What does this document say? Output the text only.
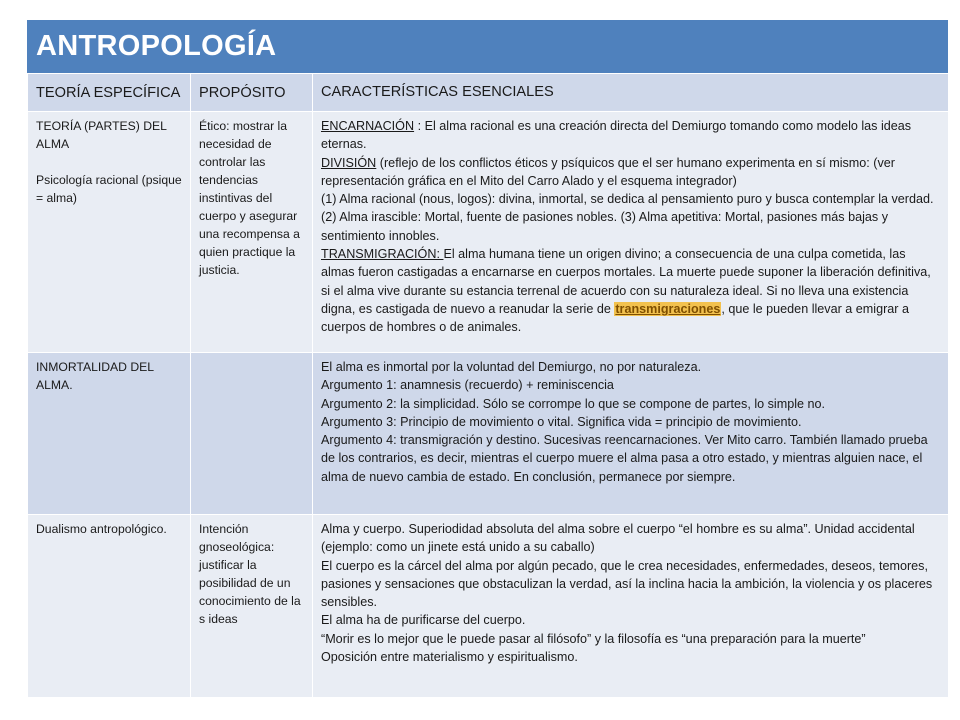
ANTROPOLOGÍA
TEORÍA ESPECÍFICA	PROPÓSITO	CARACTERÍSTICAS ESENCIALES

TEORÍA (PARTES) DEL ALMA
Psicología racional (psique = alma)	Ético: mostrar la necesidad de controlar las tendencias instintivas del cuerpo y asegurar una recompensa a quien practique la justicia.	ENCARNACIÓN : El alma racional es una creación directa del Demiurgo tomando como modelo las ideas eternas.
DIVISIÓN (reflejo de los conflictos éticos y psíquicos que el ser humano experimenta en sí mismo: (ver representación gráfica en el Mito del Carro Alado y el esquema integrador)
(1) Alma racional (nous, logos): divina, inmortal, se dedica al pensamiento puro y busca contemplar la verdad. (2) Alma irascible: Mortal, fuente de pasiones nobles. (3) Alma apetitiva: Mortal, pasiones más bajas y sentimiento innobles.
TRANSMIGRACIÓN: El alma humana tiene un origen divino; a consecuencia de una culpa cometida, las almas fueron castigadas a encarnarse en cuerpos mortales. La muerte puede suponer la liberación definitiva, si el alma vive durante su estancia terrenal de acuerdo con su naturaleza ideal. Si no lleva una existencia digna, es castigada de nuevo a reanudar la serie de transmigraciones, que le pueden llevar a emigrar a cuerpos de hombres o de animales.

INMORTALIDAD DEL ALMA.		El alma es inmortal por la voluntad del Demiurgo, no por naturaleza.
Argumento 1: anamnesis (recuerdo) + reminiscencia
Argumento 2: la simplicidad. Sólo se corrompe lo que se compone de partes, lo simple no.
Argumento 3: Principio de movimiento o vital. Significa vida = principio de movimiento.
Argumento 4: transmigración y destino. Sucesivas reencarnaciones. Ver Mito carro. También llamado prueba de los contrarios, es decir, mientras el cuerpo muere el alma pasa a otro estado, y mientras alguien nace, el alma de nuevo cambia de estado. En conclusión, permanece por siempre.

Dualismo antropológico.	Intención gnoseológica: justificar la posibilidad de un conocimiento de la s ideas	Alma y cuerpo. Superiodidad absoluta del alma sobre el cuerpo “el hombre es su alma”. Unidad accidental (ejemplo: como un jinete está unido a su caballo)
El cuerpo es la cárcel del alma por algún pecado, que le crea necesidades, enfermedades, deseos, temores, pasiones y sensaciones que obstaculizan la verdad, así la inclina hacia la ambición, la violencia y os placeres sensibles.
El alma ha de purificarse del cuerpo.
“Morir es lo mejor que le puede pasar al filósofo” y la filosofía es “una preparación para la muerte”
Oposición entre materialismo y espiritualismo.
